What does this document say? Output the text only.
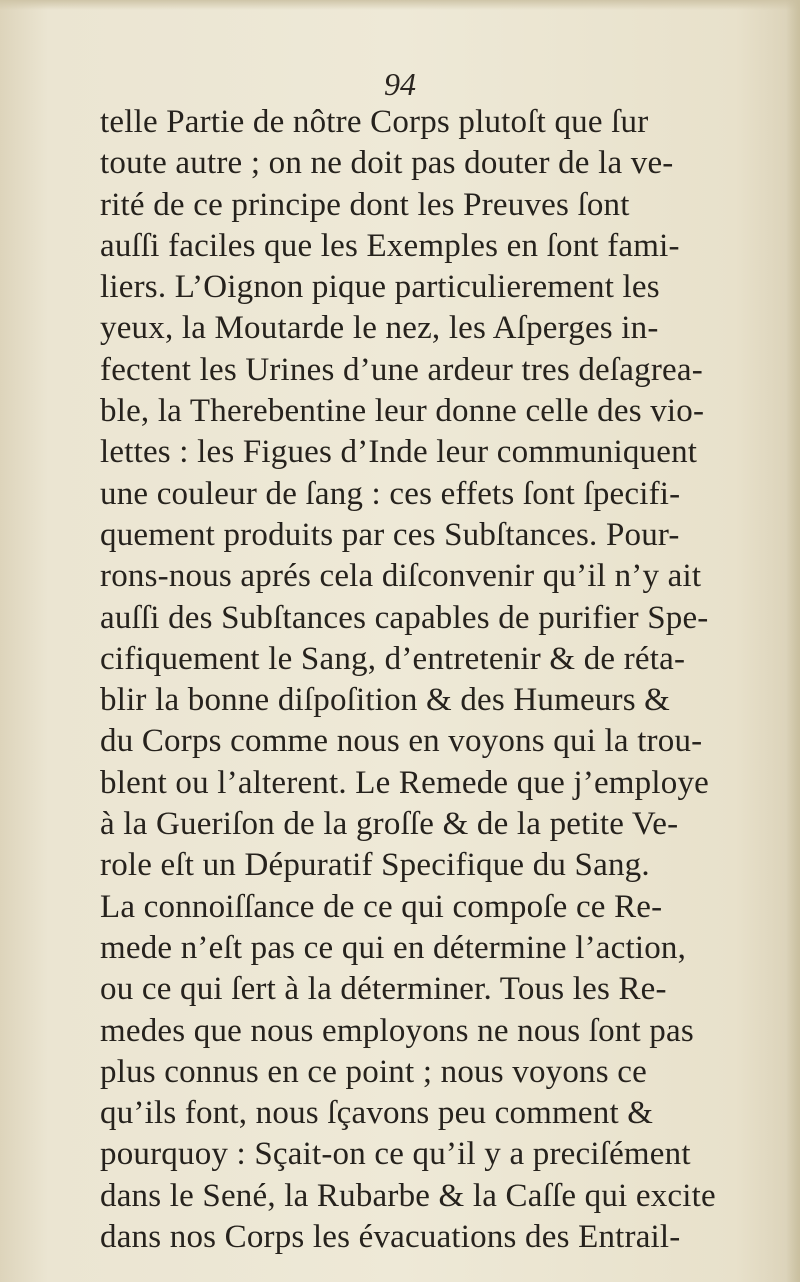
94
telle Partie de nôtre Corps plutoſt que ſur
toute autre ; on ne doit pas douter de la ve-
rité de ce principe dont les Preuves ſont
auſſi faciles que les Exemples en ſont fami-
liers. L’Oignon pique particulierement les
yeux, la Moutarde le nez, les Aſperges in-
fectent les Urines d’une ardeur tres deſagrea-
ble, la Therebentine leur donne celle des vio-
lettes : les Figues d’Inde leur communiquent
une couleur de ſang : ces effets ſont ſpecifi-
quement produits par ces Subſtances. Pour-
rons-nous aprés cela diſconvenir qu’il n’y ait
auſſi des Subſtances capables de purifier Spe-
cifiquement le Sang, d’entretenir & de réta-
blir la bonne diſpoſition & des Humeurs &
du Corps comme nous en voyons qui la trou-
blent ou l’alterent. Le Remede que j’employe
à la Gueriſon de la groſſe & de la petite Ve-
role eſt un Dépuratif Specifique du Sang.
La connoiſſance de ce qui compoſe ce Re-
mede n’eſt pas ce qui en détermine l’action,
ou ce qui ſert à la déterminer. Tous les Re-
medes que nous employons ne nous ſont pas
plus connus en ce point ; nous voyons ce
qu’ils font, nous ſçavons peu comment &
pourquoy : Sçait-on ce qu’il y a preciſément
dans le Sené, la Rubarbe & la Caſſe qui excite
dans nos Corps les évacuations des Entrail-
